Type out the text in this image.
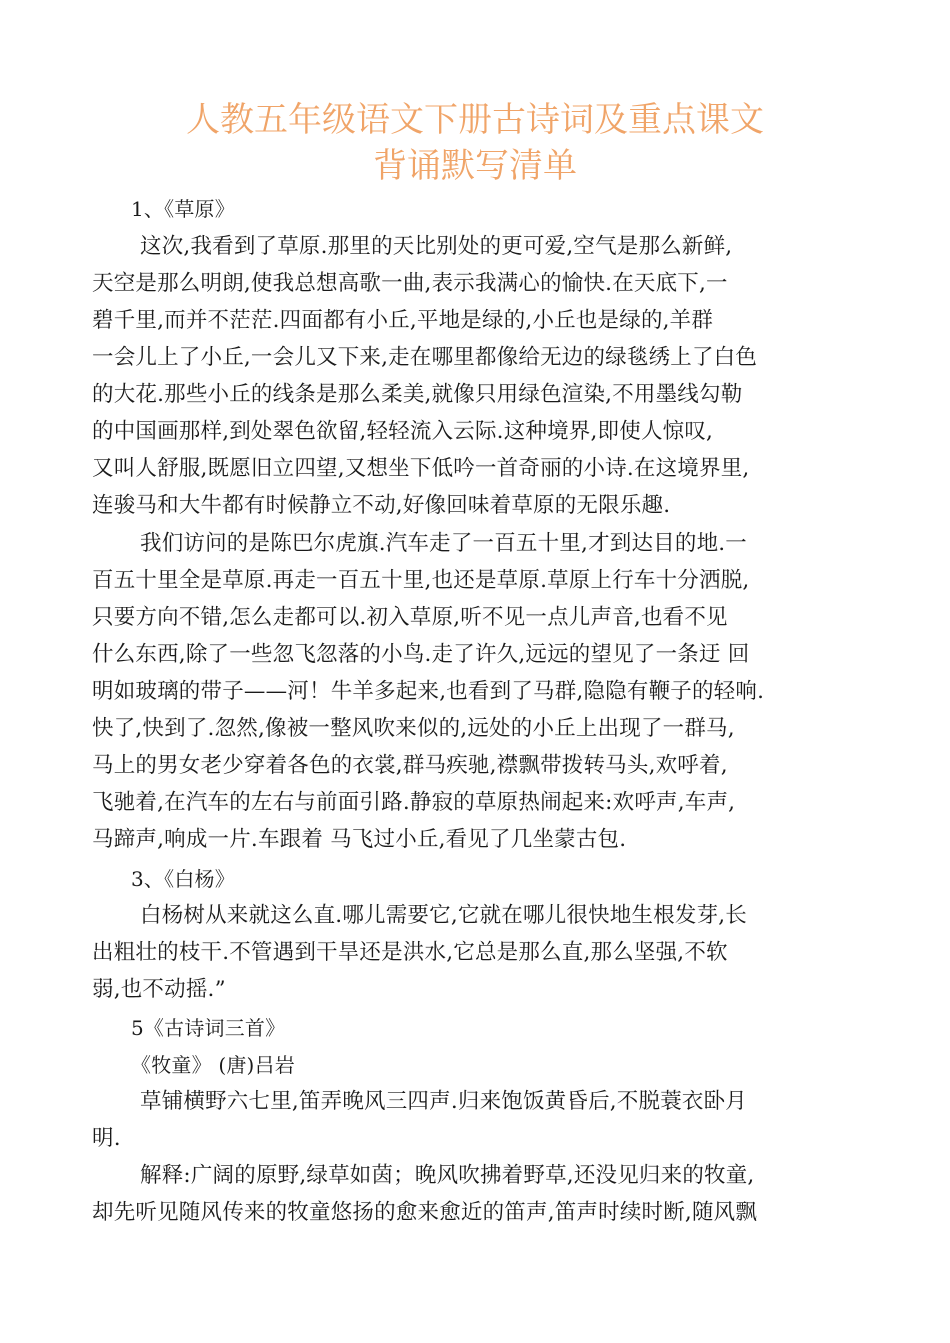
人教五年级语文下册古诗词及重点课文
背诵默写清单
1、《草原》
这次,我看到了草原.那里的天比别处的更可爱,空气是那么新鲜,
天空是那么明朗,使我总想高歌一曲,表示我满心的愉快.在天底下,一
碧千里,而并不茫茫.四面都有小丘,平地是绿的,小丘也是绿的,羊群
一会儿上了小丘,一会儿又下来,走在哪里都像给无边的绿毯绣上了白色
的大花.那些小丘的线条是那么柔美,就像只用绿色渲染,不用墨线勾勒
的中国画那样,到处翠色欲留,轻轻流入云际.这种境界,即使人惊叹,
又叫人舒服,既愿旧立四望,又想坐下低吟一首奇丽的小诗.在这境界里,
连骏马和大牛都有时候静立不动,好像回味着草原的无限乐趣.
我们访问的是陈巴尔虎旗.汽车走了一百五十里,才到达目的地.一
百五十里全是草原.再走一百五十里,也还是草原.草原上行车十分洒脱,
只要方向不错,怎么走都可以.初入草原,听不见一点儿声音,也看不见
什么东西,除了一些忽飞忽落的小鸟.走了许久,远远的望见了一条迂 回
明如玻璃的带子——河！牛羊多起来,也看到了马群,隐隐有鞭子的轻响.
快了,快到了.忽然,像被一整风吹来似的,远处的小丘上出现了一群马,
马上的男女老少穿着各色的衣裳,群马疾驰,襟飘带拨转马头,欢呼着,
飞驰着,在汽车的左右与前面引路.静寂的草原热闹起来:欢呼声,车声,
马蹄声,响成一片.车跟着 马飞过小丘,看见了几坐蒙古包.
3、《白杨》
白杨树从来就这么直.哪儿需要它,它就在哪儿很快地生根发芽,长
出粗壮的枝干.不管遇到干旱还是洪水,它总是那么直,那么坚强,不软
弱,也不动摇.”
5《古诗词三首》
《牧童》 (唐)吕岩
草铺横野六七里,笛弄晚风三四声.归来饱饭黄昏后,不脱蓑衣卧月
明.
解释:广阔的原野,绿草如茵；晚风吹拂着野草,还没见归来的牧童,
却先听见随风传来的牧童悠扬的愈来愈近的笛声,笛声时续时断,随风飘
